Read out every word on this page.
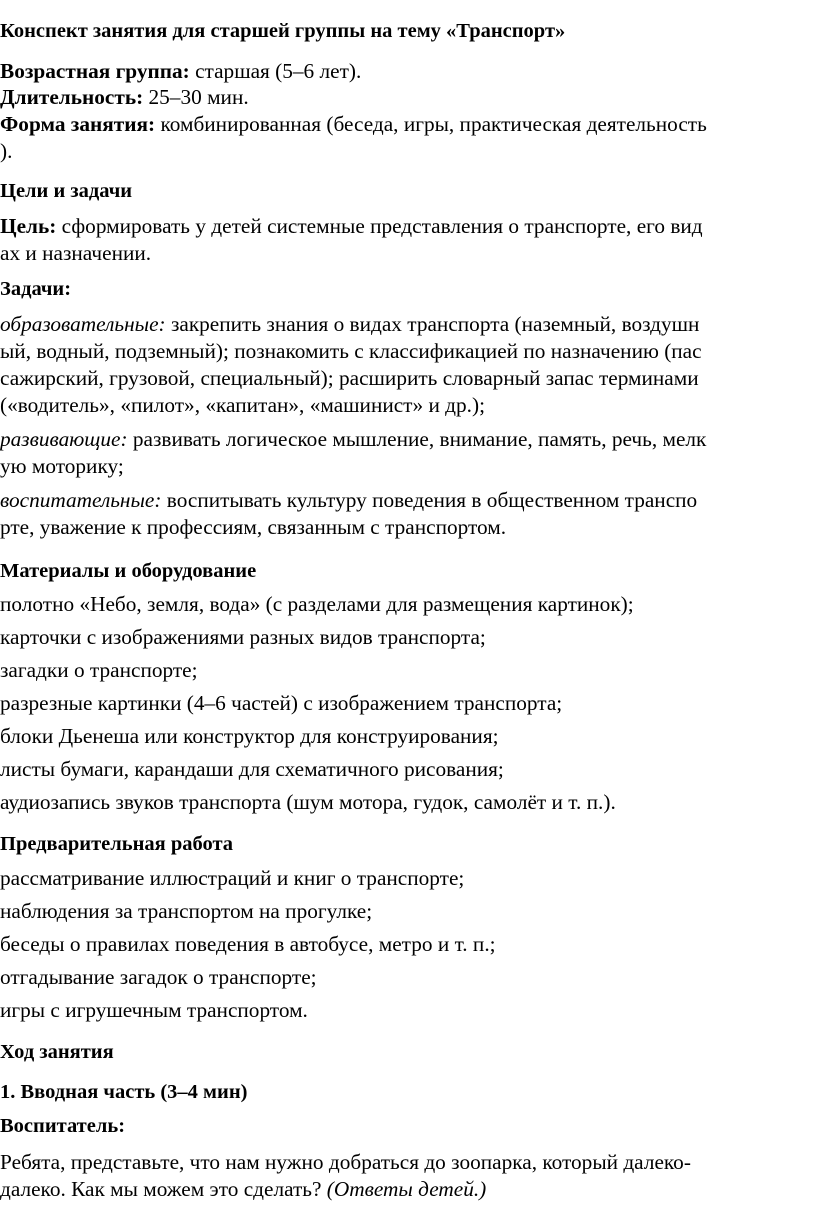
Конспект занятия для старшей группы на тему «Транспорт»
Возрастная группа: старшая (5–6 лет).
Длительность: 25–30 мин.
Форма занятия: комбинированная (беседа, игры, практическая деятельность
).
Цели и задачи
Цель: сформировать у детей системные представления о транспорте, его вид
ах и назначении.
Задачи:
образовательные: закрепить знания о видах транспорта (наземный, воздушн
ый, водный, подземный); познакомить с классификацией по назначению (пас
сажирский, грузовой, специальный); расширить словарный запас терминами
(«водитель», «пилот», «капитан», «машинист» и др.);
развивающие: развивать логическое мышление, внимание, память, речь, мелк
ую моторику;
воспитательные: воспитывать культуру поведения в общественном транспо
рте, уважение к профессиям, связанным с транспортом.
Материалы и оборудование
полотно «Небо, земля, вода» (с разделами для размещения картинок);
карточки с изображениями разных видов транспорта;
загадки о транспорте;
разрезные картинки (4–6 частей) с изображением транспорта;
блоки Дьенеша или конструктор для конструирования;
листы бумаги, карандаши для схематичного рисования;
аудиозапись звуков транспорта (шум мотора, гудок, самолёт и т. п.).
Предварительная работа
рассматривание иллюстраций и книг о транспорте;
наблюдения за транспортом на прогулке;
беседы о правилах поведения в автобусе, метро и т. п.;
отгадывание загадок о транспорте;
игры с игрушечным транспортом.
Ход занятия
1. Вводная часть (3–4 мин)
Воспитатель:
Ребята, представьте, что нам нужно добраться до зоопарка, который далеко-
далеко. Как мы можем это сделать? (Ответы детей.)
